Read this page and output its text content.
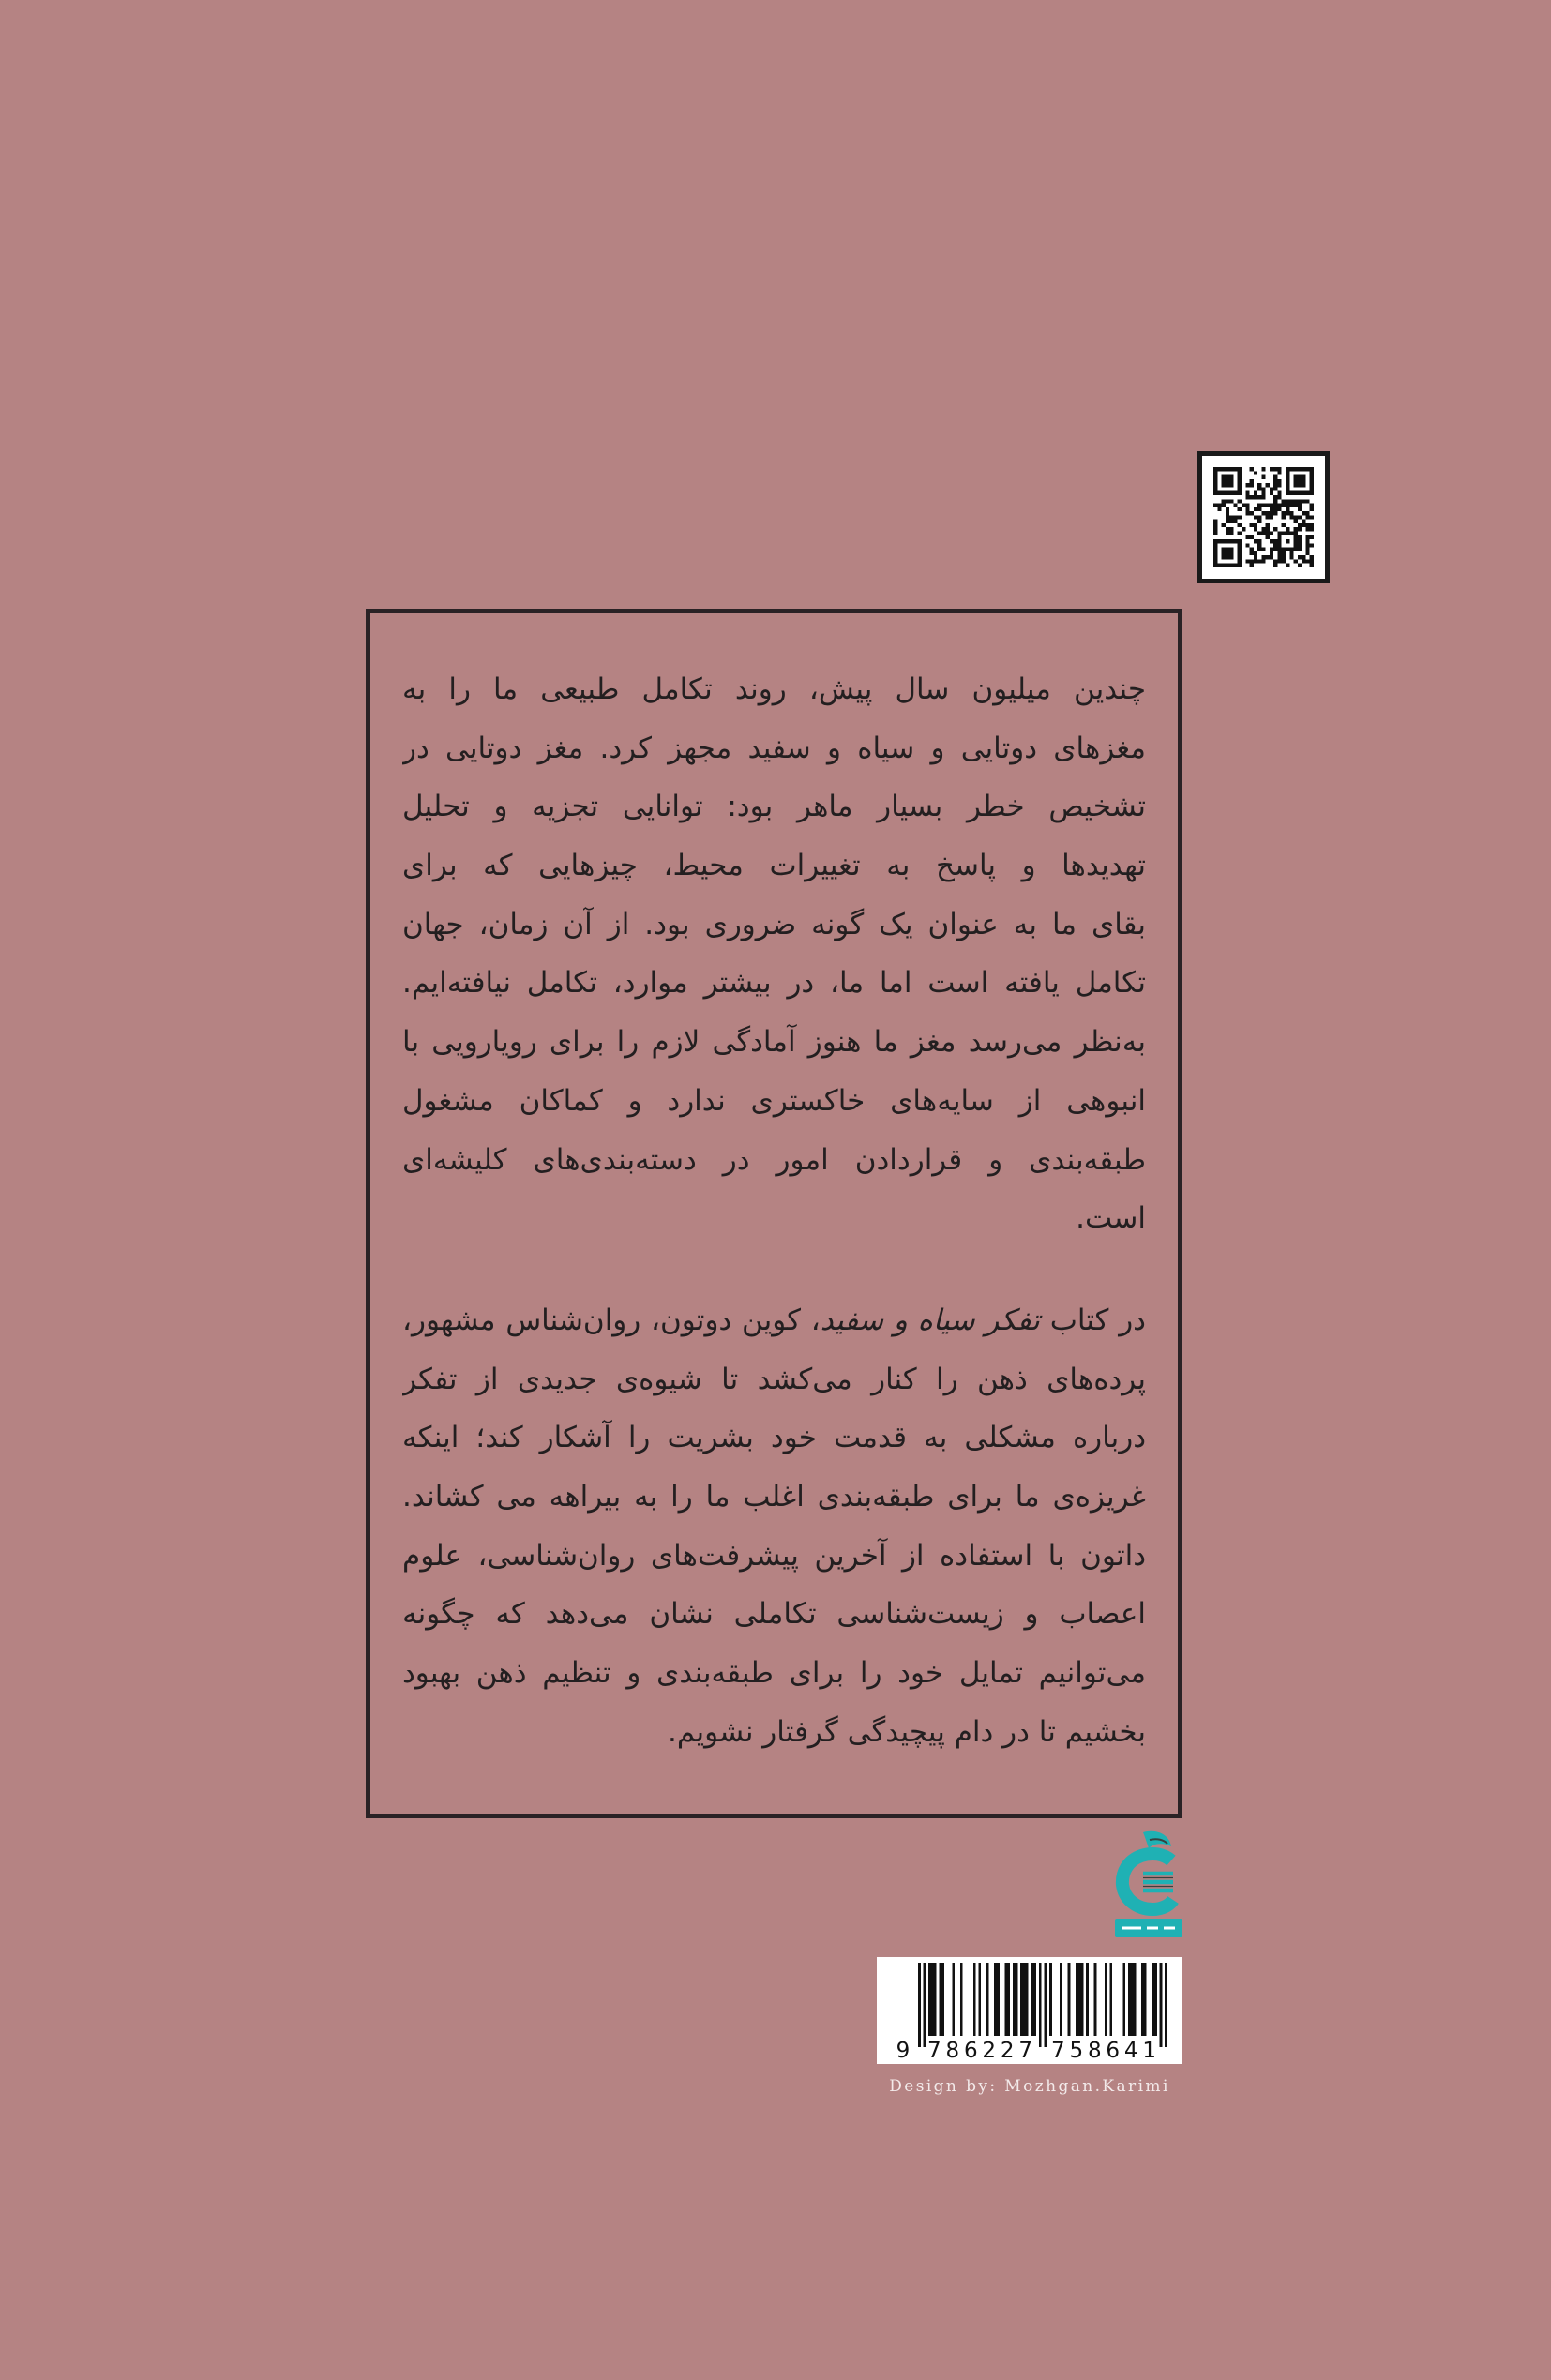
چندین میلیون سال پیش، روند تکامل طبیعی ما را به
مغزهای دوتایی و سیاه و سفید مجهز کرد. مغز دوتایی در
تشخیص خطر بسیار ماهر بود: توانایی تجزیه و تحلیل
تهدیدها و پاسخ به تغییرات محیط، چیزهایی که برای
بقای ما به عنوان یک گونه ضروری بود. از آن زمان، جهان
تکامل یافته است اما ما، در بیشتر موارد، تکامل نیافته‌ایم.
به‌نظر می‌رسد مغز ما هنوز آمادگی لازم را برای رویارویی با
انبوهی از سایه‌های خاکستری ندارد و کماکان مشغول
طبقه‌بندی و قراردادن امور در دسته‌بندی‌های کلیشه‌ای
است.
در کتاب تفکر سیاه و سفید، کوین دوتون، روان‌شناس مشهور،
پرده‌های ذهن را کنار می‌کشد تا شیوه‌ی جدیدی از تفکر
درباره مشکلی به قدمت خود بشریت را آشکار کند؛ اینکه
غریزه‌ی ما برای طبقه‌بندی اغلب ما را به بیراهه می کشاند.
داتون با استفاده از آخرین پیشرفت‌های روان‌شناسی، علوم
اعصاب و زیست‌شناسی تکاملی نشان می‌دهد که چگونه
می‌توانیم تمایل خود را برای طبقه‌بندی و تنظیم ذهن بهبود
بخشیم تا در دام پیچیدگی گرفتار نشویم.
9 786227 758641
Design by: Mozhgan.Karimi
